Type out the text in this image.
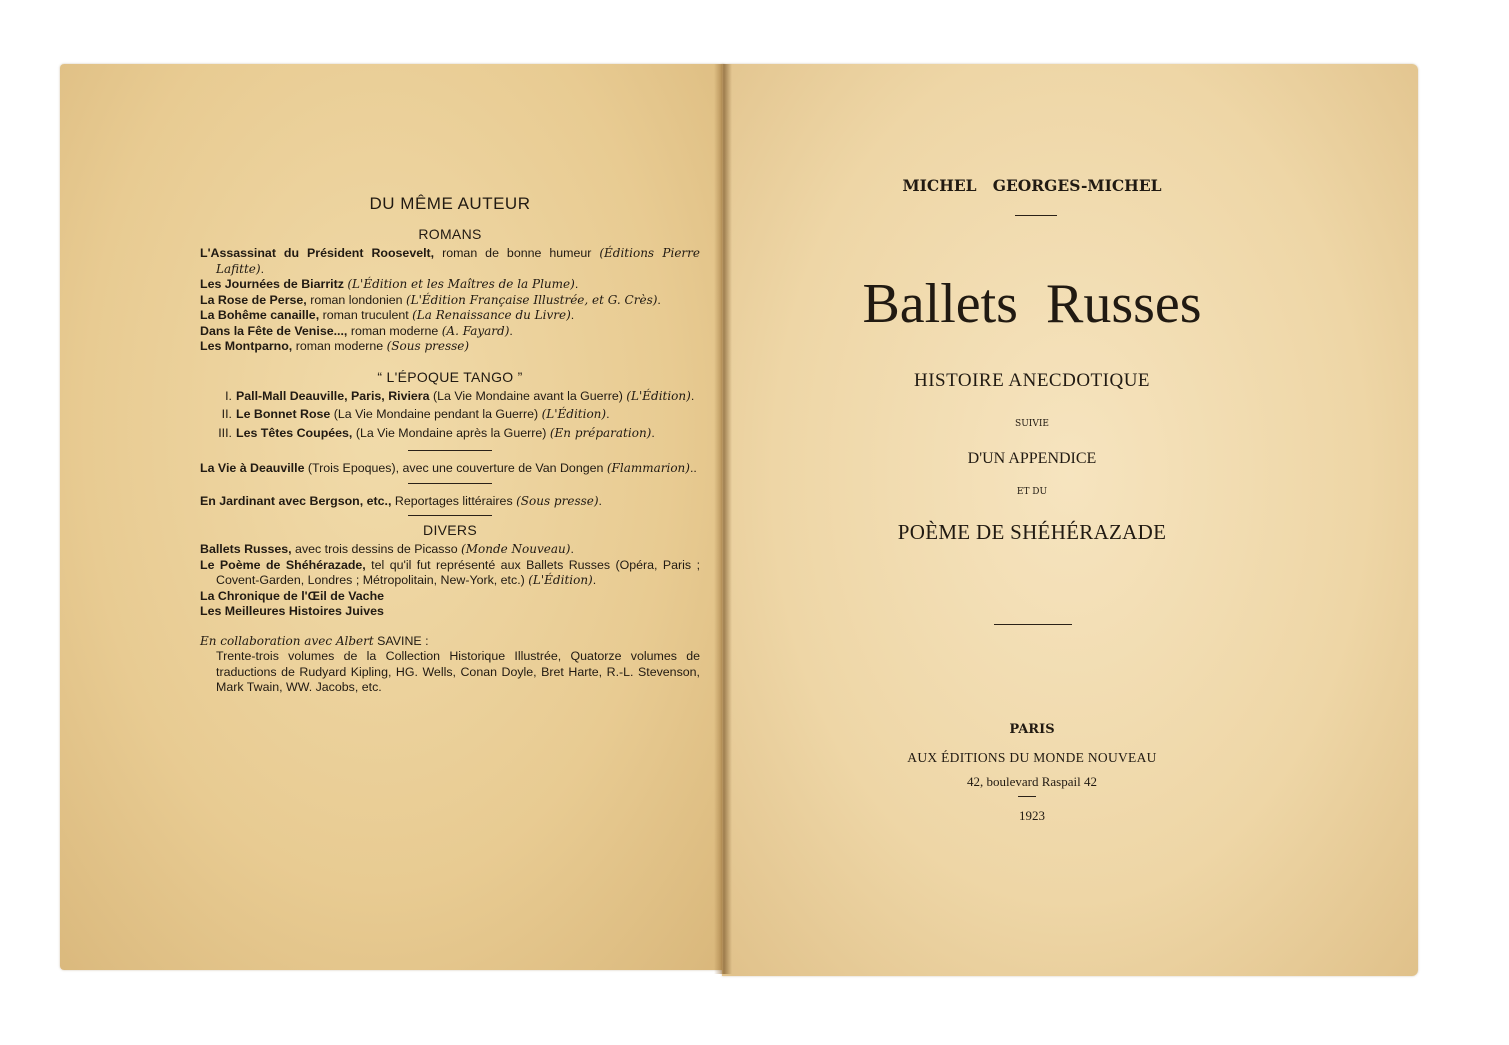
DU MÊME AUTEUR

ROMANS

L'Assassinat du Président Roosevelt, roman de bonne humeur (Éditions Pierre Lafitte).

Les Journées de Biarritz (L'Édition et les Maîtres de la Plume).

La Rose de Perse, roman londonien (L'Édition Française Illustrée, et G. Crès).

La Bohême canaille, roman truculent (La Renaissance du Livre).

Dans la Fête de Venise..., roman moderne (A. Fayard).

Les Montparno, roman moderne (Sous presse)

“ L'ÉPOQUE TANGO ”

I. Pall-Mall Deauville, Paris, Riviera (La Vie Mondaine avant la Guerre) (L'Édition).
II. Le Bonnet Rose (La Vie Mondaine pendant la Guerre) (L'Édition).
III. Les Têtes Coupées, (La Vie Mondaine après la Guerre) (En préparation).

La Vie à Deauville (Trois Epoques), avec une couverture de Van Dongen (Flammarion)..

En Jardinant avec Bergson, etc., Reportages littéraires (Sous presse).

DIVERS

Ballets Russes, avec trois dessins de Picasso (Monde Nouveau).

Le Poème de Shéhérazade, tel qu'il fut représenté aux Ballets Russes (Opéra, Paris ; Covent-Garden, Londres ; Métropolitain, New-York, etc.) (L'Édition).

La Chronique de l'Œil de Vache

Les Meilleures Histoires Juives

En collaboration avec Albert SAVINE :

Trente-trois volumes de la Collection Historique Illustrée, Quatorze volumes de traductions de Rudyard Kipling, HG. Wells, Conan Doyle, Bret Harte, R.-L. Stevenson, Mark Twain, WW. Jacobs, etc.

MICHEL   GEORGES-MICHEL

Ballets  Russes

HISTOIRE ANECDOTIQUE

SUIVIE

D'UN APPENDICE

ET DU

POÈME DE SHÉHÉRAZADE

PARIS

AUX ÉDITIONS DU MONDE NOUVEAU

42, boulevard Raspail 42

1923
